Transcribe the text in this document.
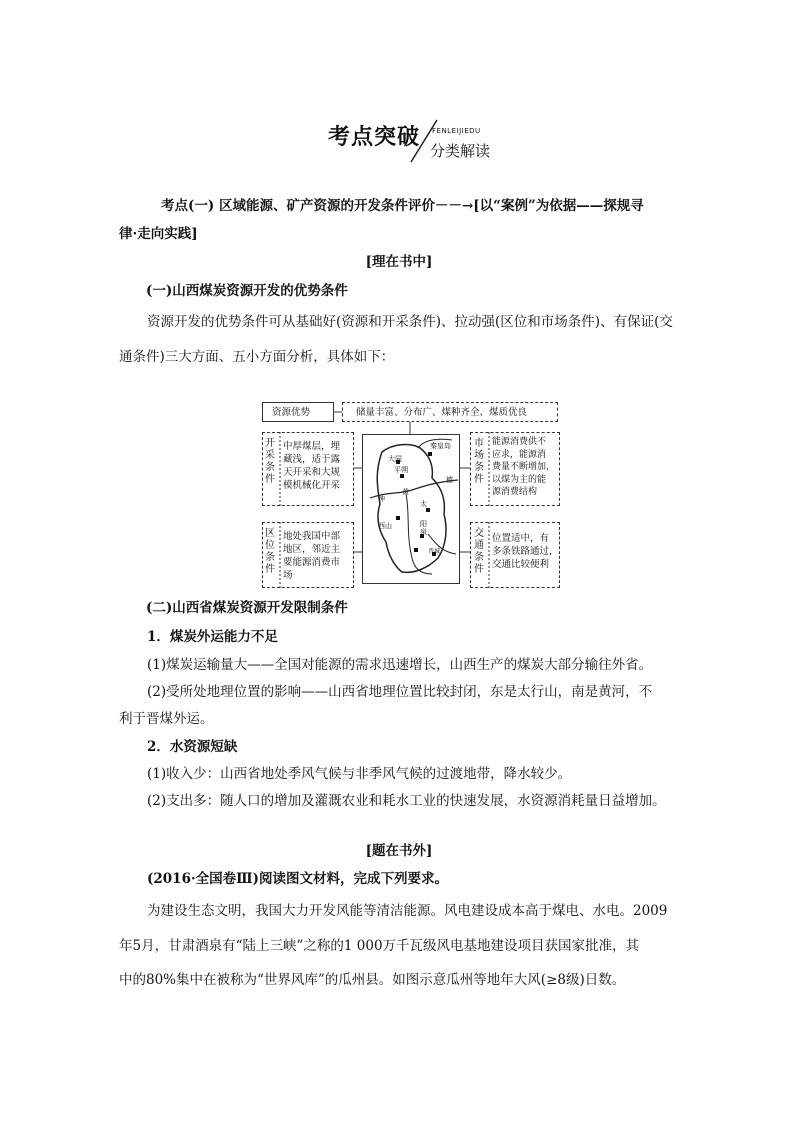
考点突破 FENLEIJIEDU
分类解读
考点(一) 区域能源、矿产资源的开发条件评价－－→[以“案例”为依据——探规寻
律·走向实践]
[理在书中]
(一)山西煤炭资源开发的优势条件
资源开发的优势条件可从基础好(资源和开采条件)、拉动强(区位和市场条件)、有保证(交
通条件)三大方面、五小方面分析，具体如下：
资源优势	储量丰富、分布广、煤种齐全、煤质优良
开采条件
中厚煤层，埋
藏浅，适于露
天开采和大规
模机械化开采
区位条件
地处我国中部
地区，邻近主
要能源消费市
场
市场条件
能源消费供不
应求，能源消
费量不断增加，
以煤为主的能
源消费结构
交通条件
位置适中，有
多条铁路通过，
交通比较便利
大同
平朔
秦皇岛
神
黄
太
德
西山	阳泉
晋城
(二)山西省煤炭资源开发限制条件
1．煤炭外运能力不足
(1)煤炭运输量大——全国对能源的需求迅速增长，山西生产的煤炭大部分输往外省。
(2)受所处地理位置的影响——山西省地理位置比较封闭，东是太行山，南是黄河，不
利于晋煤外运。
2．水资源短缺
(1)收入少：山西省地处季风气候与非季风气候的过渡地带，降水较少。
(2)支出多：随人口的增加及灌溉农业和耗水工业的快速发展，水资源消耗量日益增加。
[题在书外]
(2016·全国卷Ⅲ)阅读图文材料，完成下列要求。
为建设生态文明，我国大力开发风能等清洁能源。风电建设成本高于煤电、水电。2009
年5月，甘肃酒泉有“陆上三峡”之称的1 000万千瓦级风电基地建设项目获国家批准，其
中的80%集中在被称为“世界风库”的瓜州县。如图示意瓜州等地年大风(≥8级)日数。
